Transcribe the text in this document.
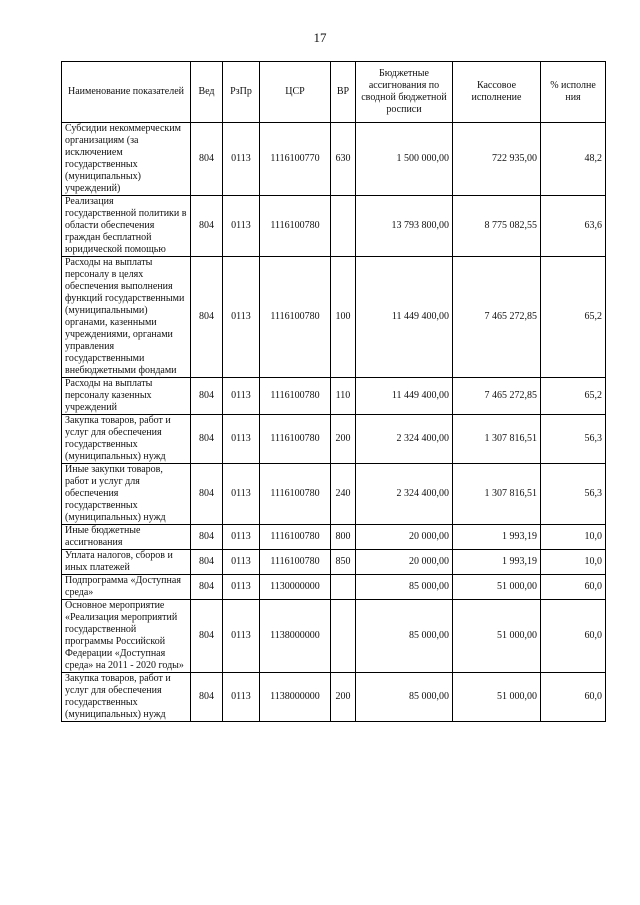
17
Наименование показателей	Вед	РзПр	ЦСР	ВР	Бюджетные ассигнования по сводной бюджетной росписи	Кассовое исполнение	% исполне ния
Субсидии некоммерческим организациям (за исключением государственных (муниципальных) учреждений)	804	0113	1116100770	630	1 500 000,00	722 935,00	48,2
Реализация государственной политики в области обеспечения граждан бесплатной юридической помощью	804	0113	1116100780		13 793 800,00	8 775 082,55	63,6
Расходы на выплаты персоналу в целях обеспечения выполнения функций государственными (муниципальными) органами, казенными учреждениями, органами управления государственными внебюджетными фондами	804	0113	1116100780	100	11 449 400,00	7 465 272,85	65,2
Расходы на выплаты персоналу казенных учреждений	804	0113	1116100780	110	11 449 400,00	7 465 272,85	65,2
Закупка товаров, работ и услуг для обеспечения государственных (муниципальных) нужд	804	0113	1116100780	200	2 324 400,00	1 307 816,51	56,3
Иные закупки товаров, работ и услуг для обеспечения государственных (муниципальных) нужд	804	0113	1116100780	240	2 324 400,00	1 307 816,51	56,3
Иные бюджетные ассигнования	804	0113	1116100780	800	20 000,00	1 993,19	10,0
Уплата налогов, сборов и иных платежей	804	0113	1116100780	850	20 000,00	1 993,19	10,0
Подпрограмма «Доступная среда»	804	0113	1130000000		85 000,00	51 000,00	60,0
Основное мероприятие «Реализация мероприятий государственной программы Российской Федерации «Доступная среда» на 2011 - 2020 годы»	804	0113	1138000000		85 000,00	51 000,00	60,0
Закупка товаров, работ и услуг для обеспечения государственных (муниципальных) нужд	804	0113	1138000000	200	85 000,00	51 000,00	60,0
